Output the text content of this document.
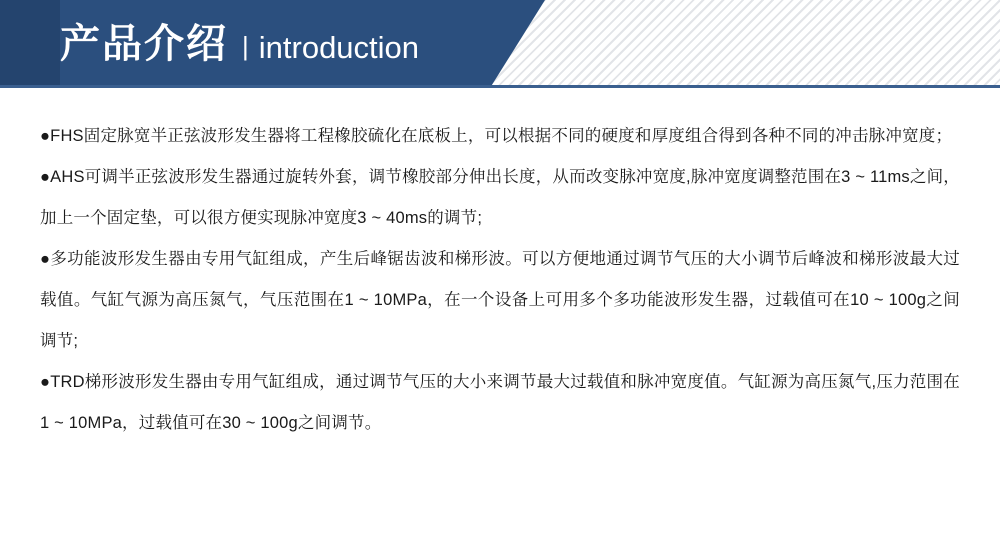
产品介绍 | introduction

●FHS固定脉宽半正弦波形发生器将工程橡胶硫化在底板上，可以根据不同的硬度和厚度组合得到各种不同的冲击脉冲宽度；

●AHS可调半正弦波形发生器通过旋转外套，调节橡胶部分伸出长度，从而改变脉冲宽度,脉冲宽度调整范围在3 ~ 11ms之间，加上一个固定垫，可以很方便实现脉冲宽度3 ~ 40ms的调节;

●多功能波形发生器由专用气缸组成，产生后峰锯齿波和梯形波。可以方便地通过调节气压的大小调节后峰波和梯形波最大过载值。气缸气源为高压氮气，气压范围在1 ~ 10MPa，在一个设备上可用多个多功能波形发生器，过载值可在10 ~ 100g之间调节;

●TRD梯形波形发生器由专用气缸组成，通过调节气压的大小来调节最大过载值和脉冲宽度值。气缸源为高压氮气,压力范围在1 ~ 10MPa，过载值可在30 ~ 100g之间调节。
